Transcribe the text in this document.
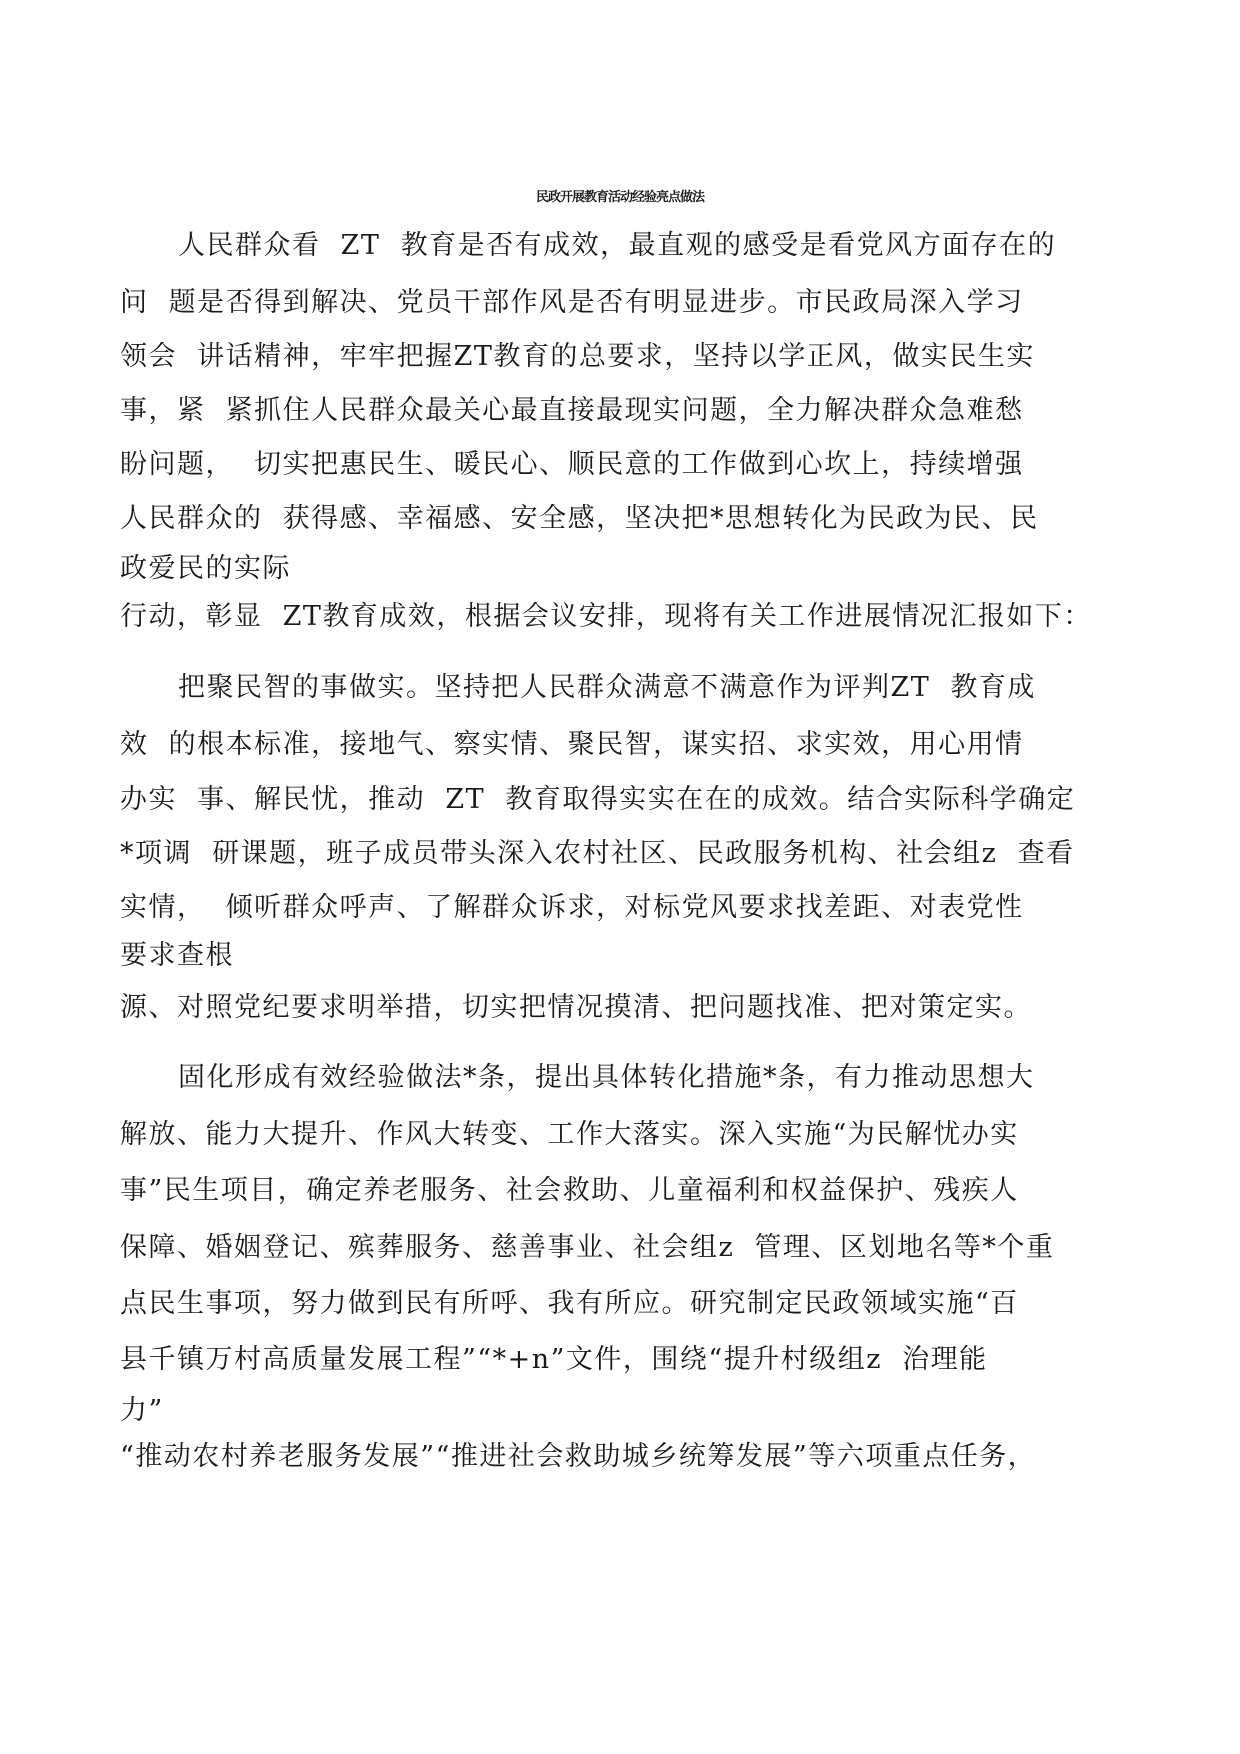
民政开展教育活动经验亮点做法
人民群众看  ZT  教育是否有成效，最直观的感受是看党风方面存在的
问  题是否得到解决、党员干部作风是否有明显进步。市民政局深入学习
领会  讲话精神，牢牢把握ZT教育的总要求，坚持以学正风，做实民生实
事，紧  紧抓住人民群众最关心最直接最现实问题，全力解决群众急难愁
盼问题，  切实把惠民生、暖民心、顺民意的工作做到心坎上，持续增强
人民群众的  获得感、幸福感、安全感，坚决把*思想转化为民政为民、民
政爱民的实际
行动，彰显  ZT教育成效，根据会议安排，现将有关工作进展情况汇报如下：
把聚民智的事做实。坚持把人民群众满意不满意作为评判ZT  教育成
效  的根本标准，接地气、察实情、聚民智，谋实招、求实效，用心用情
办实  事、解民忧，推动  ZT  教育取得实实在在的成效。结合实际科学确定
*项调  研课题，班子成员带头深入农村社区、民政服务机构、社会组z  查看
实情，  倾听群众呼声、了解群众诉求，对标党风要求找差距、对表党性
要求查根
源、对照党纪要求明举措，切实把情况摸清、把问题找准、把对策定实。
固化形成有效经验做法*条，提出具体转化措施*条，有力推动思想大
解放、能力大提升、作风大转变、工作大落实。深入实施“为民解忧办实
事”民生项目，确定养老服务、社会救助、儿童福利和权益保护、残疾人
保障、婚姻登记、殡葬服务、慈善事业、社会组z  管理、区划地名等*个重
点民生事项，努力做到民有所呼、我有所应。研究制定民政领域实施“百
县千镇万村高质量发展工程”“*+n”文件，围绕“提升村级组z  治理能
力”
“推动农村养老服务发展”“推进社会救助城乡统筹发展”等六项重点任务，
